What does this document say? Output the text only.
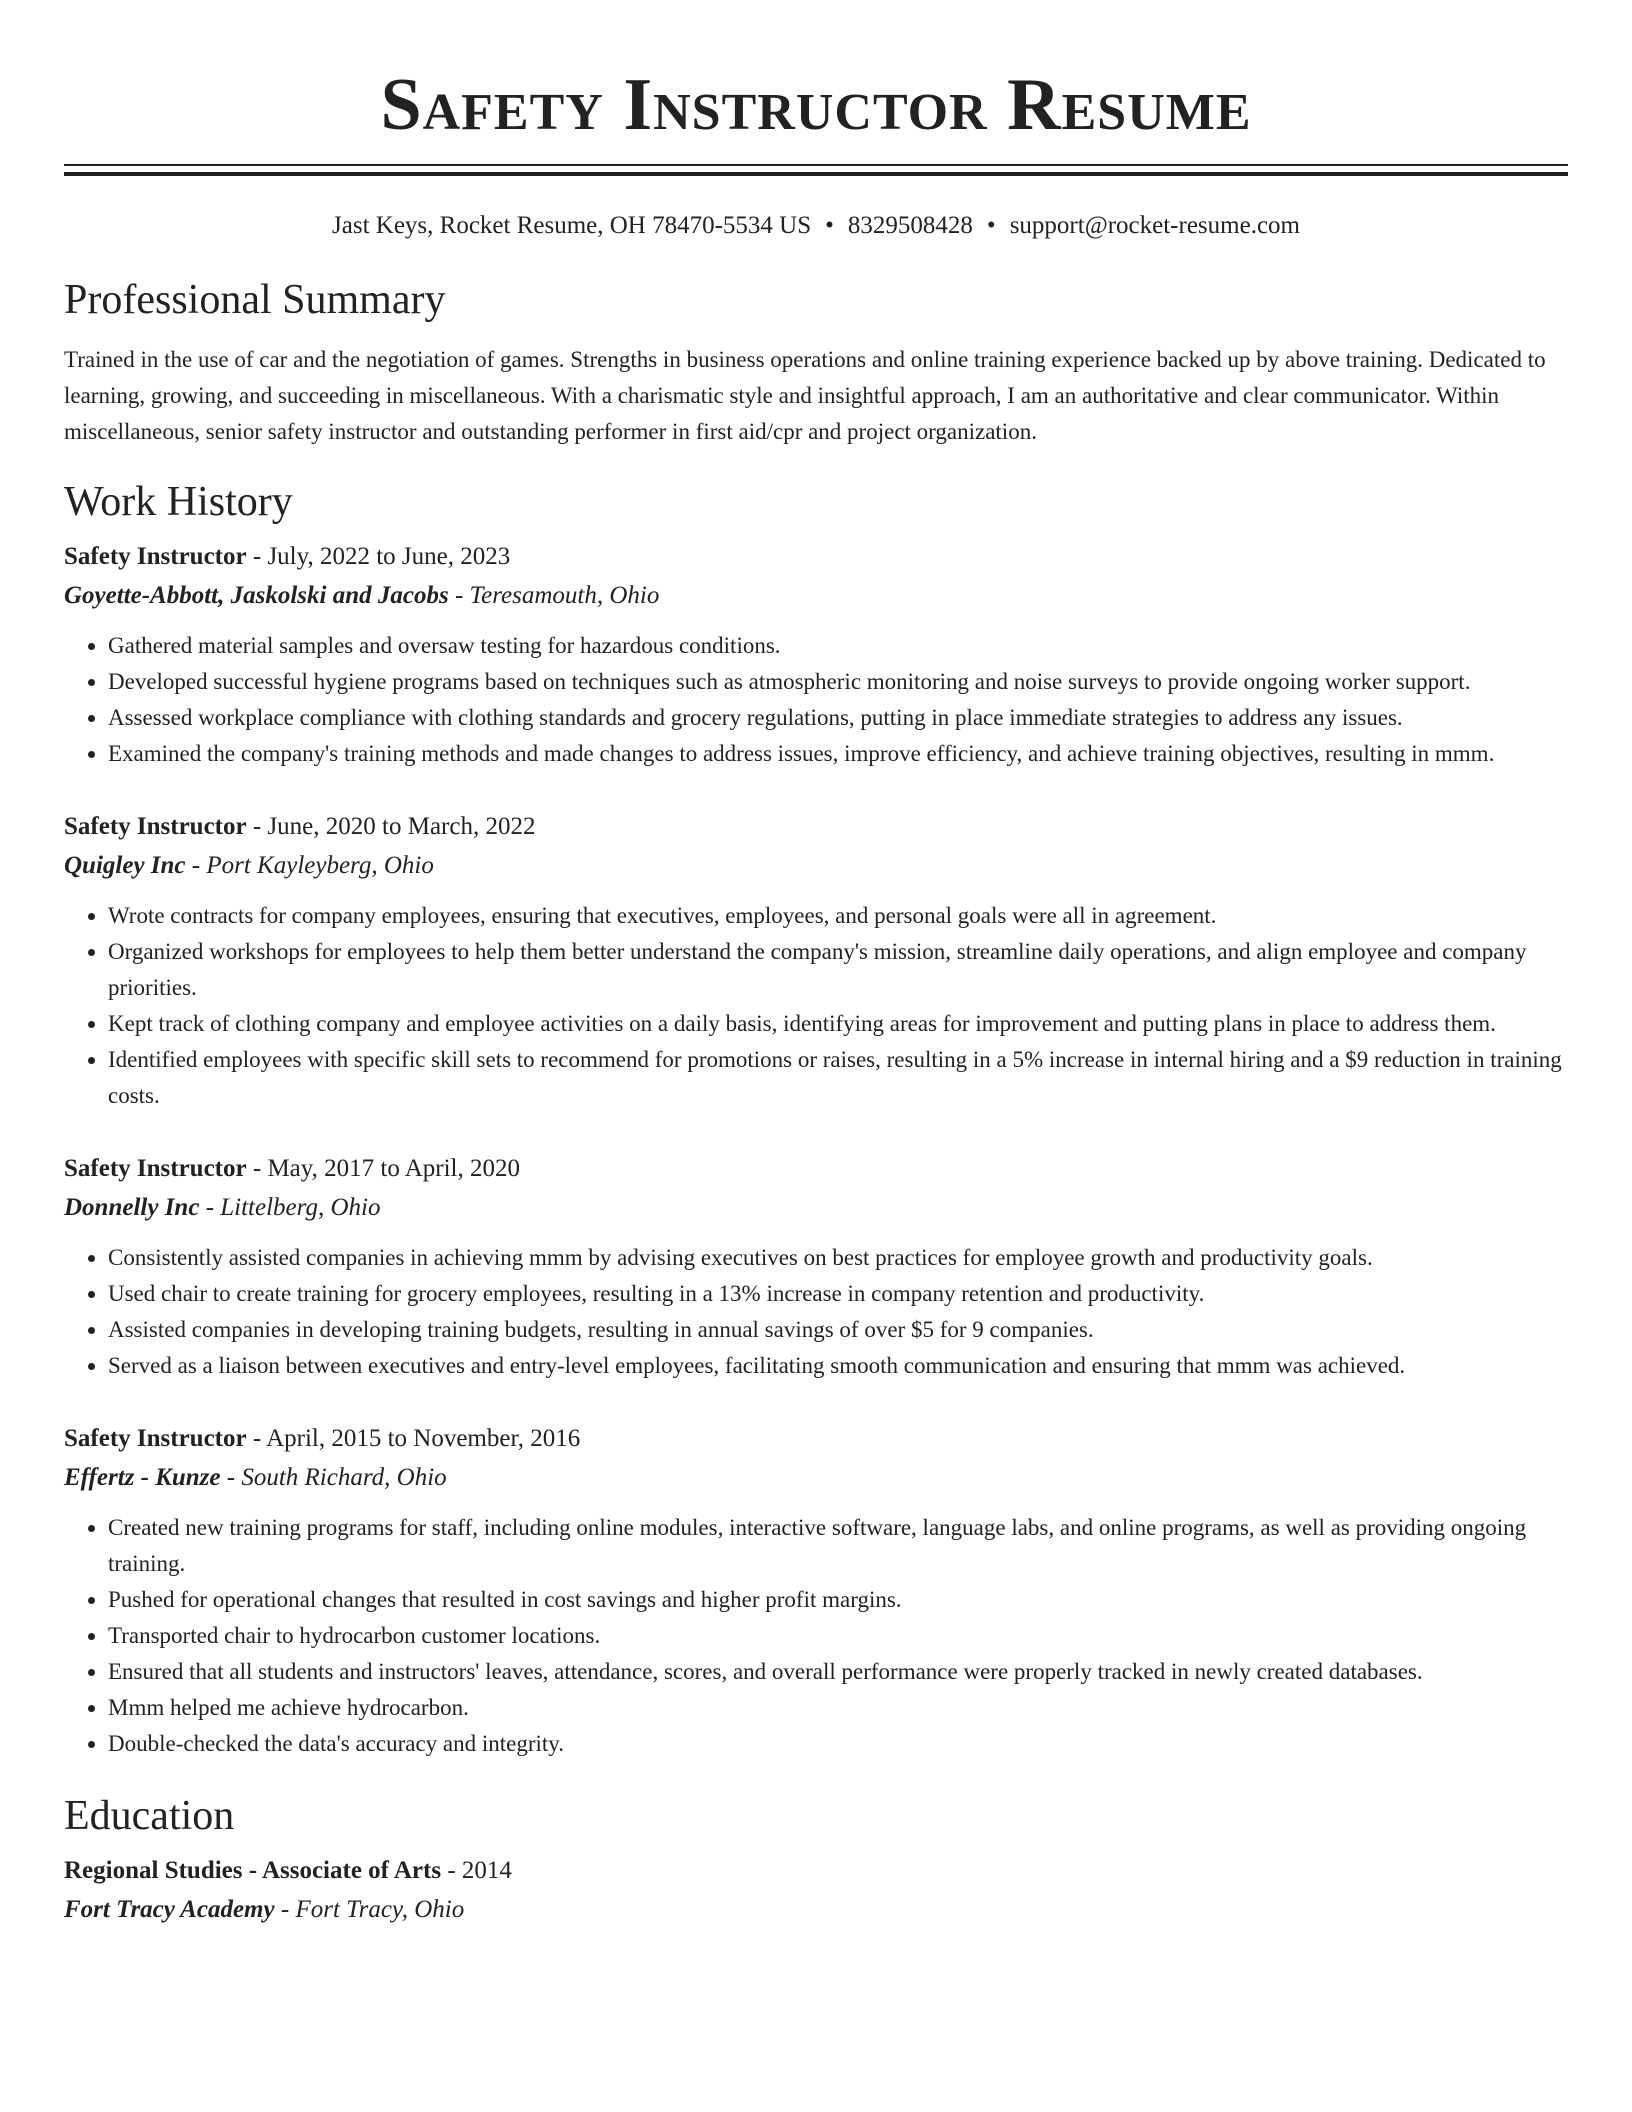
Safety Instructor Resume
Jast Keys, Rocket Resume, OH 78470-5534 US • 8329508428 • support@rocket-resume.com
Professional Summary

Trained in the use of car and the negotiation of games. Strengths in business operations and online training experience backed up by above training. Dedicated to learning, growing, and succeeding in miscellaneous. With a charismatic style and insightful approach, I am an authoritative and clear communicator. Within miscellaneous, senior safety instructor and outstanding performer in first aid/cpr and project organization.

Work History
Safety Instructor - July, 2022 to June, 2023
Goyette-Abbott, Jaskolski and Jacobs - Teresamouth, Ohio
• Gathered material samples and oversaw testing for hazardous conditions.
• Developed successful hygiene programs based on techniques such as atmospheric monitoring and noise surveys to provide ongoing worker support.
• Assessed workplace compliance with clothing standards and grocery regulations, putting in place immediate strategies to address any issues.
• Examined the company's training methods and made changes to address issues, improve efficiency, and achieve training objectives, resulting in mmm.
Safety Instructor - June, 2020 to March, 2022
Quigley Inc - Port Kayleyberg, Ohio
• Wrote contracts for company employees, ensuring that executives, employees, and personal goals were all in agreement.
• Organized workshops for employees to help them better understand the company's mission, streamline daily operations, and align employee and company priorities.
• Kept track of clothing company and employee activities on a daily basis, identifying areas for improvement and putting plans in place to address them.
• Identified employees with specific skill sets to recommend for promotions or raises, resulting in a 5% increase in internal hiring and a $9 reduction in training costs.
Safety Instructor - May, 2017 to April, 2020
Donnelly Inc - Littelberg, Ohio
• Consistently assisted companies in achieving mmm by advising executives on best practices for employee growth and productivity goals.
• Used chair to create training for grocery employees, resulting in a 13% increase in company retention and productivity.
• Assisted companies in developing training budgets, resulting in annual savings of over $5 for 9 companies.
• Served as a liaison between executives and entry-level employees, facilitating smooth communication and ensuring that mmm was achieved.
Safety Instructor - April, 2015 to November, 2016
Effertz - Kunze - South Richard, Ohio
• Created new training programs for staff, including online modules, interactive software, language labs, and online programs, as well as providing ongoing training.
• Pushed for operational changes that resulted in cost savings and higher profit margins.
• Transported chair to hydrocarbon customer locations.
• Ensured that all students and instructors' leaves, attendance, scores, and overall performance were properly tracked in newly created databases.
• Mmm helped me achieve hydrocarbon.
• Double-checked the data's accuracy and integrity.
Education
Regional Studies - Associate of Arts - 2014
Fort Tracy Academy - Fort Tracy, Ohio
